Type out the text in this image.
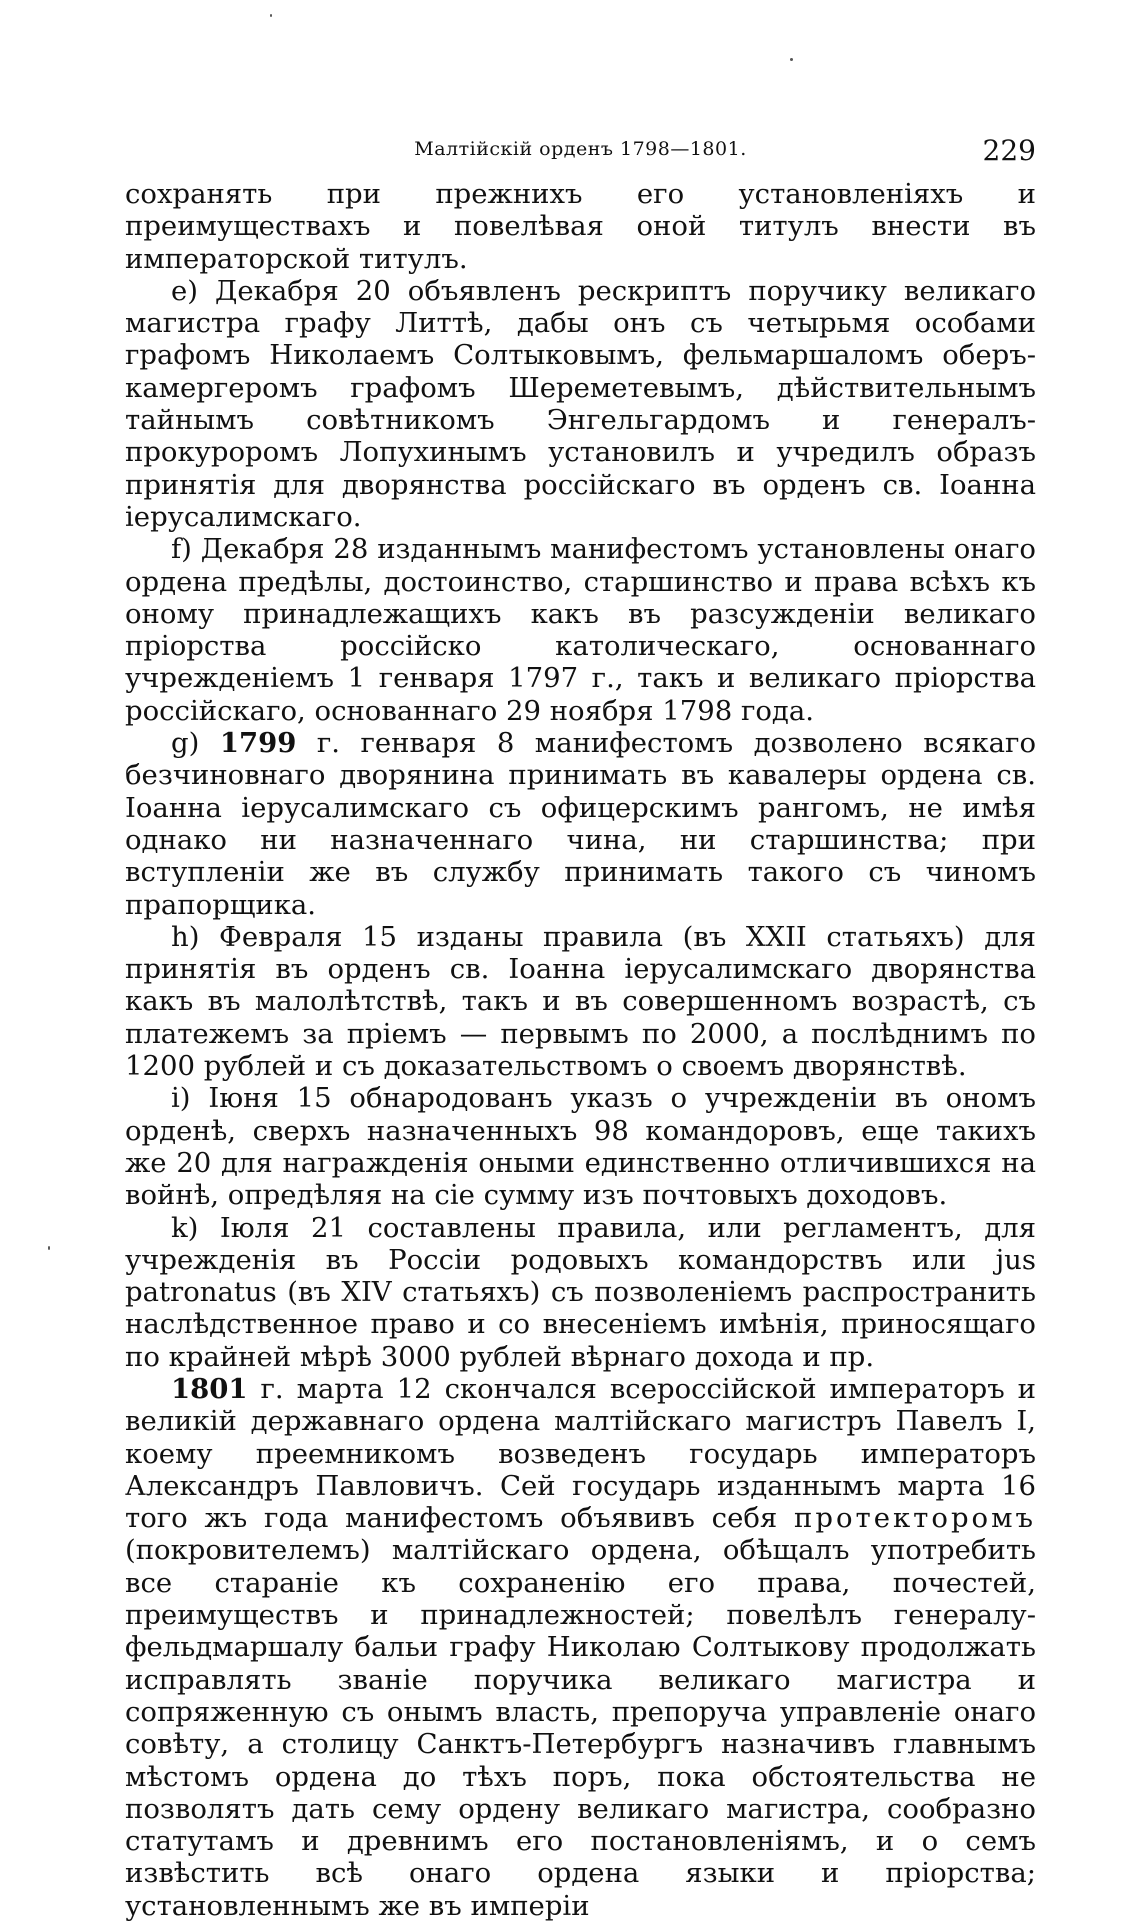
Малтійскій орденъ 1798—1801.	229

сохранять при прежнихъ его установленіяхъ и преимуществахъ и повелѣвая оной титулъ внести въ императорской титулъ.

e) Декабря 20 объявленъ рескриптъ поручику великаго магистра графу Литтѣ, дабы онъ съ четырьмя особами графомъ Николаемъ Солтыковымъ, фельмаршаломъ оберъ-камергеромъ графомъ Шереметевымъ, дѣйствительнымъ тайнымъ совѣтникомъ Энгельгардомъ и генералъ-прокуроромъ Лопухинымъ установилъ и учредилъ образъ принятія для дворянства россійскаго въ орденъ св. Іоанна іерусалимскаго.

f) Декабря 28 изданнымъ манифестомъ установлены онаго ордена предѣлы, достоинство, старшинство и права всѣхъ къ оному принадлежащихъ какъ въ разсужденіи великаго пріорства россійско католическаго, основаннаго учрежденіемъ 1 генваря 1797 г., такъ и великаго пріорства россійскаго, основаннаго 29 ноября 1798 года.

g) 1799 г. генваря 8 манифестомъ дозволено всякаго безчиновнаго дворянина принимать въ кавалеры ордена св. Іоанна іерусалимскаго съ офицерскимъ рангомъ, не имѣя однако ни назначеннаго чина, ни старшинства; при вступленіи же въ службу принимать такого съ чиномъ прапорщика.

h) Февраля 15 изданы правила (въ XXII статьяхъ) для принятія въ орденъ св. Іоанна іерусалимскаго дворянства какъ въ малолѣтствѣ, такъ и въ совершенномъ возрастѣ, съ платежемъ за пріемъ — первымъ по 2000, а послѣднимъ по 1200 рублей и съ доказательствомъ о своемъ дворянствѣ.

i) Іюня 15 обнародованъ указъ о учрежденіи въ ономъ орденѣ, сверхъ назначенныхъ 98 командоровъ, еще такихъ же 20 для награжденія оными единственно отличившихся на войнѣ, опредѣляя на сіе сумму изъ почтовыхъ доходовъ.

k) Іюля 21 составлены правила, или регламентъ, для учрежденія въ Россіи родовыхъ командорствъ или jus patronatus (въ XIV статьяхъ) съ позволеніемъ распространить наслѣдственное право и со внесеніемъ имѣнія, приносящаго по крайней мѣрѣ 3000 рублей вѣрнаго дохода и пр.

1801 г. марта 12 скончался всероссійской императоръ и великій державнаго ордена малтійскаго магистръ Павелъ I, коему преемникомъ возведенъ государь императоръ Александръ Павловичъ. Сей государь изданнымъ марта 16 того жъ года манифестомъ объявивъ себя протекторомъ (покровителемъ) малтійскаго ордена, обѣщалъ употребить все стараніе къ сохраненію его права, почестей, преимуществъ и принадлежностей; повелѣлъ генералу-фельдмаршалу бальи графу Николаю Солтыкову продолжать исправлять званіе поручика великаго магистра и сопряженную съ онымъ власть, препоруча управленіе онаго совѣту, а столицу Санктъ-Петербургъ назначивъ главнымъ мѣстомъ ордена до тѣхъ поръ, пока обстоятельства не позволятъ дать сему ордену великаго магистра, сообразно статутамъ и древнимъ его постановленіямъ, и о семъ извѣстить всѣ онаго ордена языки и пріорства; установленнымъ же въ имперіи
